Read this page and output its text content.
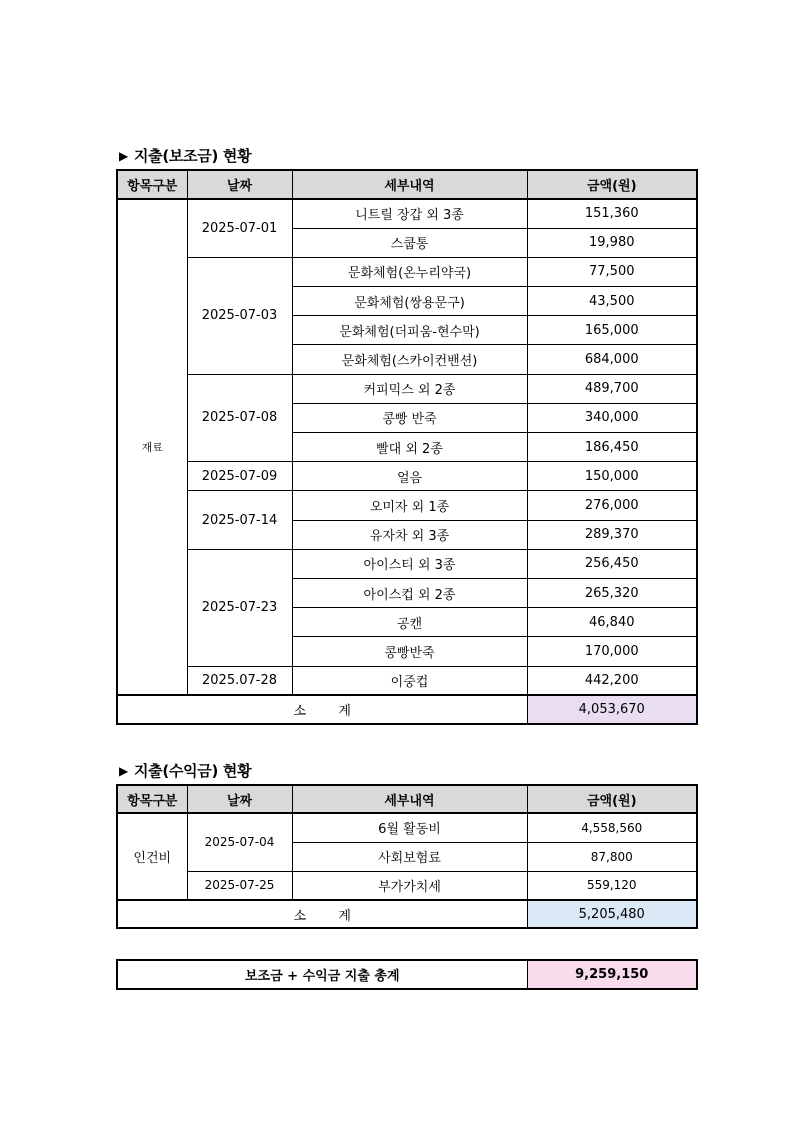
▶ 지출(보조금) 현황
항목구분	날짜	세부내역	금액(원)
재료	2025-07-01	니트릴 장갑 외 3종	151,360
		스쿱통	19,980
	2025-07-03	문화체험(온누리약국)	77,500
		문화체험(쌍용문구)	43,500
		문화체험(더피움-현수막)	165,000
		문화체험(스카이컨밴션)	684,000
	2025-07-08	커피믹스 외 2종	489,700
		콩빵 반죽	340,000
		빨대 외 2종	186,450
	2025-07-09	얼음	150,000
	2025-07-14	오미자 외 1종	276,000
		유자차 외 3종	289,370
	2025-07-23	아이스티 외 3종	256,450
		아이스컵 외 2종	265,320
		공캔	46,840
		콩빵반죽	170,000
	2025.07-28	이중컵	442,200
소 계			4,053,670
▶ 지출(수익금) 현황
항목구분	날짜	세부내역	금액(원)
인건비	2025-07-04	6월 활동비	4,558,560
		사회보험료	87,800
	2025-07-25	부가가치세	559,120
소 계			5,205,480
보조금 + 수익금 지출 총계	9,259,150
